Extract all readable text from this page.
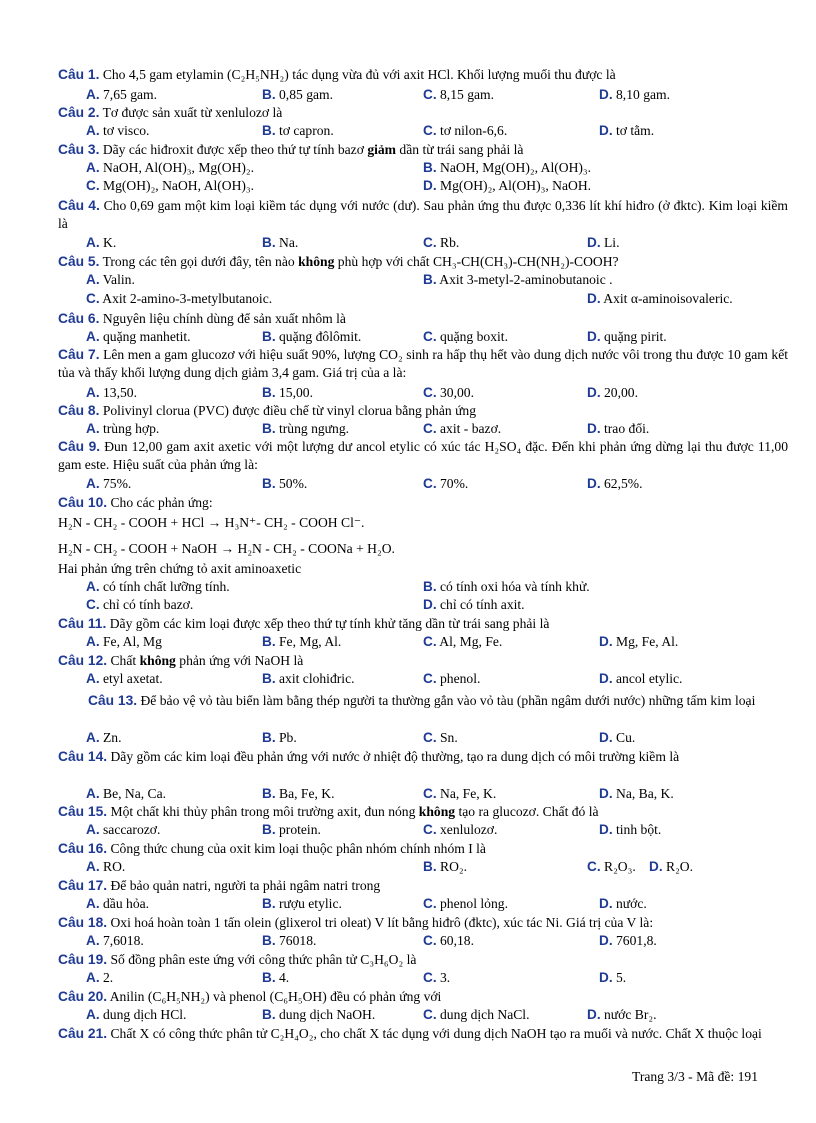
Câu 1. Cho 4,5 gam etylamin (C₂H₅NH₂) tác dụng vừa đủ với axit HCl. Khối lượng muối thu được là
A. 7,65 gam.	B. 0,85 gam.	C. 8,15 gam.	D. 8,10 gam.
Câu 2. Tơ được sản xuất từ xenlulozơ là
A. tơ visco.	B. tơ capron.	C. tơ nilon-6,6.	D. tơ tằm.
Câu 3. Dãy các hiđroxit được xếp theo thứ tự tính bazơ giảm dần từ trái sang phải là
A. NaOH, Al(OH)₃, Mg(OH)₂.	B. NaOH, Mg(OH)₂, Al(OH)₃.
C. Mg(OH)₂, NaOH, Al(OH)₃.	D. Mg(OH)₂, Al(OH)₃, NaOH.
Câu 4. Cho 0,69 gam một kim loại kiềm tác dụng với nước (dư). Sau phản ứng thu được 0,336 lít khí hiđro (ở đktc). Kim loại kiềm là
A. K.	B. Na.	C. Rb.	D. Li.
Câu 5. Trong các tên gọi dưới đây, tên nào không phù hợp với chất CH₃-CH(CH₃)-CH(NH₂)-COOH?
A. Valin.	B. Axit 3-metyl-2-aminobutanoic .
C. Axit 2-amino-3-metylbutanoic.	D. Axit α-aminoisovaleric.
Câu 6. Nguyên liệu chính dùng để sản xuất nhôm là
A. quặng manhetit.	B. quặng đôlômit.	C. quặng boxit.	D. quặng pirit.
Câu 7. Lên men a gam glucozơ với hiệu suất 90%, lượng CO₂ sinh ra hấp thụ hết vào dung dịch nước vôi trong thu được 10 gam kết tủa và thấy khối lượng dung dịch giảm 3,4 gam. Giá trị của a là:
A. 13,50.	B. 15,00.	C. 30,00.	D. 20,00.
Câu 8. Polivinyl clorua (PVC) được điều chế từ vinyl clorua bằng phản ứng
A. trùng hợp.	B. trùng ngưng.	C. axit - bazơ.	D. trao đổi.
Câu 9. Đun 12,00 gam axit axetic với một lượng dư ancol etylic có xúc tác H₂SO₄ đặc. Đến khi phản ứng dừng lại thu được 11,00 gam este. Hiệu suất của phản ứng là:
A. 75%.	B. 50%.	C. 70%.	D. 62,5%.
Câu 10. Cho các phản ứng:
H₂N - CH₂ - COOH + HCl → H₃N⁺- CH₂ - COOH Cl⁻.
H₂N - CH₂ - COOH + NaOH → H₂N - CH₂ - COONa + H₂O.
Hai phản ứng trên chứng tỏ axit aminoaxetic
A. có tính chất lưỡng tính.	B. có tính oxi hóa và tính khử.
C. chỉ có tính bazơ.	D. chỉ có tính axit.
Câu 11. Dãy gồm các kim loại được xếp theo thứ tự tính khử tăng dần từ trái sang phải là
A. Fe, Al, Mg	B. Fe, Mg, Al.	C. Al, Mg, Fe.	D. Mg, Fe, Al.
Câu 12. Chất không phản ứng với NaOH là
A. etyl axetat.	B. axit clohiđric.	C. phenol.	D. ancol etylic.
Câu 13. Để bảo vệ vỏ tàu biển làm bằng thép người ta thường gắn vào vỏ tàu (phần ngâm dưới nước) những tấm kim loại
A. Zn.	B. Pb.	C. Sn.	D. Cu.
Câu 14. Dãy gồm các kim loại đều phản ứng với nước ở nhiệt độ thường, tạo ra dung dịch có môi trường kiềm là
A. Be, Na, Ca.	B. Ba, Fe, K.	C. Na, Fe, K.	D. Na, Ba, K.
Câu 15. Một chất khi thủy phân trong môi trường axit, đun nóng không tạo ra glucozơ. Chất đó là
A. saccarozơ.	B. protein.	C. xenlulozơ.	D. tinh bột.
Câu 16. Công thức chung của oxit kim loại thuộc phân nhóm chính nhóm I là
A. RO.	B. RO₂.	C. R₂O₃. D. R₂O.
Câu 17. Để bảo quản natri, người ta phải ngâm natri trong
A. dầu hỏa.	B. rượu etylic.	C. phenol lỏng.	D. nước.
Câu 18. Oxi hoá hoàn toàn 1 tấn olein (glixerol tri oleat) V lít bằng hiđrô (đktc), xúc tác Ni. Giá trị của V là:
A. 7,6018.	B. 76018.	C. 60,18.	D. 7601,8.
Câu 19. Số đồng phân este ứng với công thức phân tử C₃H₆O₂ là
A. 2.	B. 4.	C. 3.	D. 5.
Câu 20. Anilin (C₆H₅NH₂) và phenol (C₆H₅OH) đều có phản ứng với
A. dung dịch HCl.	B. dung dịch NaOH.	C. dung dịch NaCl.	D. nước Br₂.
Câu 21. Chất X có công thức phân tử C₂H₄O₂, cho chất X tác dụng với dung dịch NaOH tạo ra muối và nước. Chất X thuộc loại
Trang 3/3 - Mã đề: 191
